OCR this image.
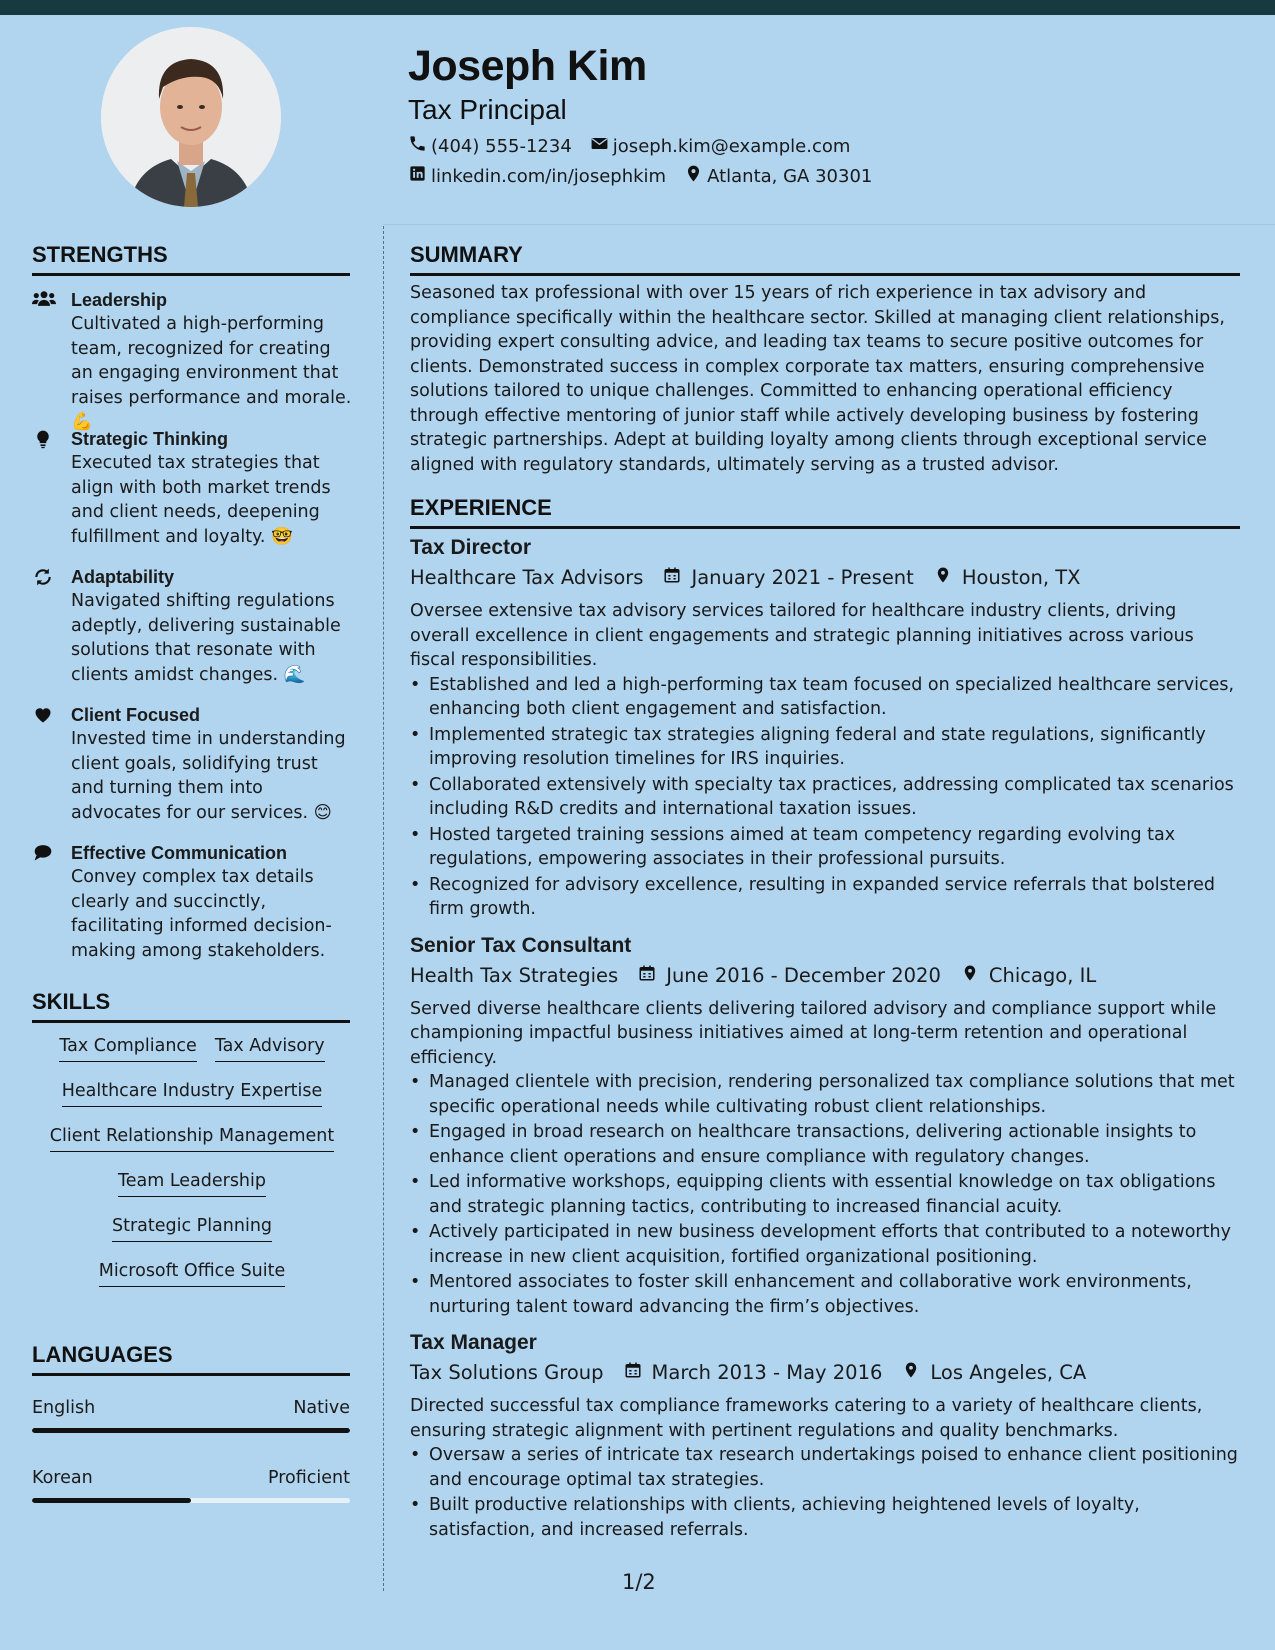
Joseph Kim
Tax Principal
(404) 555-1234 joseph.kim@example.com
linkedin.com/in/josephkim Atlanta, GA 30301
STRENGTHS
Leadership
Cultivated a high-performing team, recognized for creating an engaging environment that raises performance and morale. 💪
Strategic Thinking
Executed tax strategies that align with both market trends and client needs, deepening fulfillment and loyalty. 🤓
Adaptability
Navigated shifting regulations adeptly, delivering sustainable solutions that resonate with clients amidst changes. 🌊
Client Focused
Invested time in understanding client goals, solidifying trust and turning them into advocates for our services. 😊
Effective Communication
Convey complex tax details clearly and succinctly, facilitating informed decision-making among stakeholders.
SKILLS
Tax Compliance Tax Advisory
Healthcare Industry Expertise
Client Relationship Management
Team Leadership
Strategic Planning
Microsoft Office Suite
LANGUAGES
English	Native
Korean	Proficient
SUMMARY
Seasoned tax professional with over 15 years of rich experience in tax advisory and compliance specifically within the healthcare sector. Skilled at managing client relationships, providing expert consulting advice, and leading tax teams to secure positive outcomes for clients. Demonstrated success in complex corporate tax matters, ensuring comprehensive solutions tailored to unique challenges. Committed to enhancing operational efficiency through effective mentoring of junior staff while actively developing business by fostering strategic partnerships. Adept at building loyalty among clients through exceptional service aligned with regulatory standards, ultimately serving as a trusted advisor.
EXPERIENCE
Tax Director
Healthcare Tax Advisors January 2021 - Present Houston, TX
Oversee extensive tax advisory services tailored for healthcare industry clients, driving overall excellence in client engagements and strategic planning initiatives across various fiscal responsibilities.
• Established and led a high-performing tax team focused on specialized healthcare services, enhancing both client engagement and satisfaction.
• Implemented strategic tax strategies aligning federal and state regulations, significantly improving resolution timelines for IRS inquiries.
• Collaborated extensively with specialty tax practices, addressing complicated tax scenarios including R&D credits and international taxation issues.
• Hosted targeted training sessions aimed at team competency regarding evolving tax regulations, empowering associates in their professional pursuits.
• Recognized for advisory excellence, resulting in expanded service referrals that bolstered firm growth.
Senior Tax Consultant
Health Tax Strategies June 2016 - December 2020 Chicago, IL
Served diverse healthcare clients delivering tailored advisory and compliance support while championing impactful business initiatives aimed at long-term retention and operational efficiency.
• Managed clientele with precision, rendering personalized tax compliance solutions that met specific operational needs while cultivating robust client relationships.
• Engaged in broad research on healthcare transactions, delivering actionable insights to enhance client operations and ensure compliance with regulatory changes.
• Led informative workshops, equipping clients with essential knowledge on tax obligations and strategic planning tactics, contributing to increased financial acuity.
• Actively participated in new business development efforts that contributed to a noteworthy increase in new client acquisition, fortified organizational positioning.
• Mentored associates to foster skill enhancement and collaborative work environments, nurturing talent toward advancing the firm’s objectives.
Tax Manager
Tax Solutions Group March 2013 - May 2016 Los Angeles, CA
Directed successful tax compliance frameworks catering to a variety of healthcare clients, ensuring strategic alignment with pertinent regulations and quality benchmarks.
• Oversaw a series of intricate tax research undertakings poised to enhance client positioning and encourage optimal tax strategies.
• Built productive relationships with clients, achieving heightened levels of loyalty, satisfaction, and increased referrals.
1/2
